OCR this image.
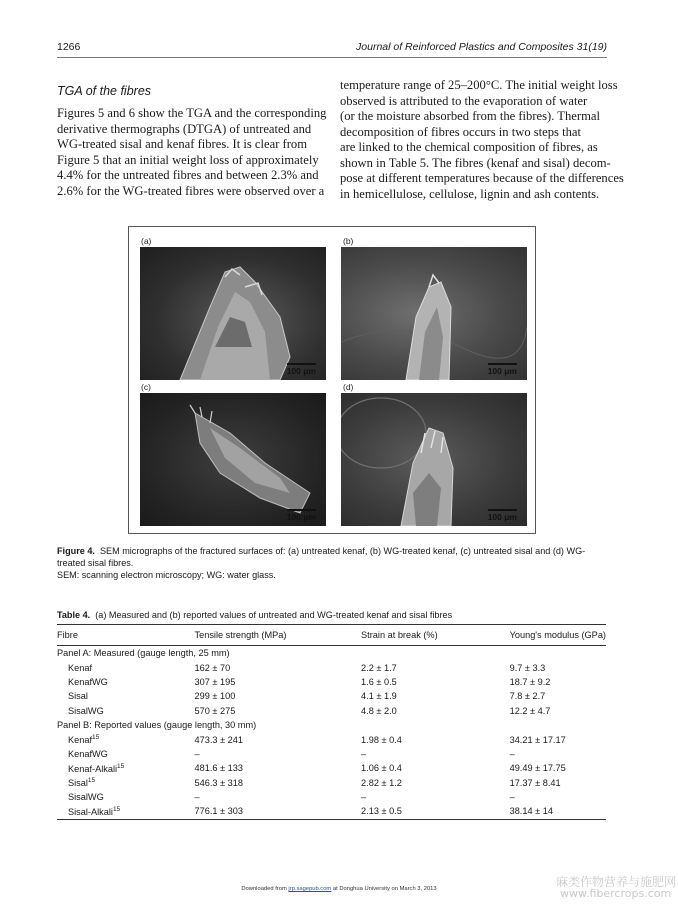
1266	Journal of Reinforced Plastics and Composites 31(19)
TGA of the fibres
Figures 5 and 6 show the TGA and the corresponding
derivative thermographs (DTGA) of untreated and
WG-treated sisal and kenaf fibres. It is clear from
Figure 5 that an initial weight loss of approximately
4.4% for the untreated fibres and between 2.3% and
2.6% for the WG-treated fibres were observed over a
temperature range of 25–200°C. The initial weight loss
observed is attributed to the evaporation of water
(or the moisture absorbed from the fibres). Thermal
decomposition of fibres occurs in two steps that
are linked to the chemical composition of fibres, as
shown in Table 5. The fibres (kenaf and sisal) decom-
pose at different temperatures because of the differences
in hemicellulose, cellulose, lignin and ash contents.
(a)
100 μm
(b)
100 μm
(c)
100 μm
(d)
100 μm
Figure 4. SEM micrographs of the fractured surfaces of: (a) untreated kenaf, (b) WG-treated kenaf, (c) untreated sisal and (d) WG-
treated sisal fibres.
SEM: scanning electron microscopy; WG: water glass.
Table 4. (a) Measured and (b) reported values of untreated and WG-treated kenaf and sisal fibres
Fibre	Tensile strength (MPa)	Strain at break (%)	Young's modulus (GPa)
Panel A: Measured (gauge length, 25 mm)			
Kenaf	162 ± 70	2.2 ± 1.7	9.7 ± 3.3
KenafWG	307 ± 195	1.6 ± 0.5	18.7 ± 9.2
Sisal	299 ± 100	4.1 ± 1.9	7.8 ± 2.7
SisalWG	570 ± 275	4.8 ± 2.0	12.2 ± 4.7
Panel B: Reported values (gauge length, 30 mm)			
Kenaf$^{15}$	473.3 ± 241	1.98 ± 0.4	34.21 ± 17.17
KenafWG	–	–	–
Kenaf-Alkali$^{15}$	481.6 ± 133	1.06 ± 0.4	49.49 ± 17.75
Sisal$^{15}$	546.3 ± 318	2.82 ± 1.2	17.37 ± 8.41
SisalWG	–	–	–
Sisal-Alkali$^{15}$	776.1 ± 303	2.13 ± 0.5	38.14 ± 14
Downloaded from jrp.sagepub.com at Donghua University on March 3, 2013	麻类作物营养与施肥网
www.fibercrops.com
